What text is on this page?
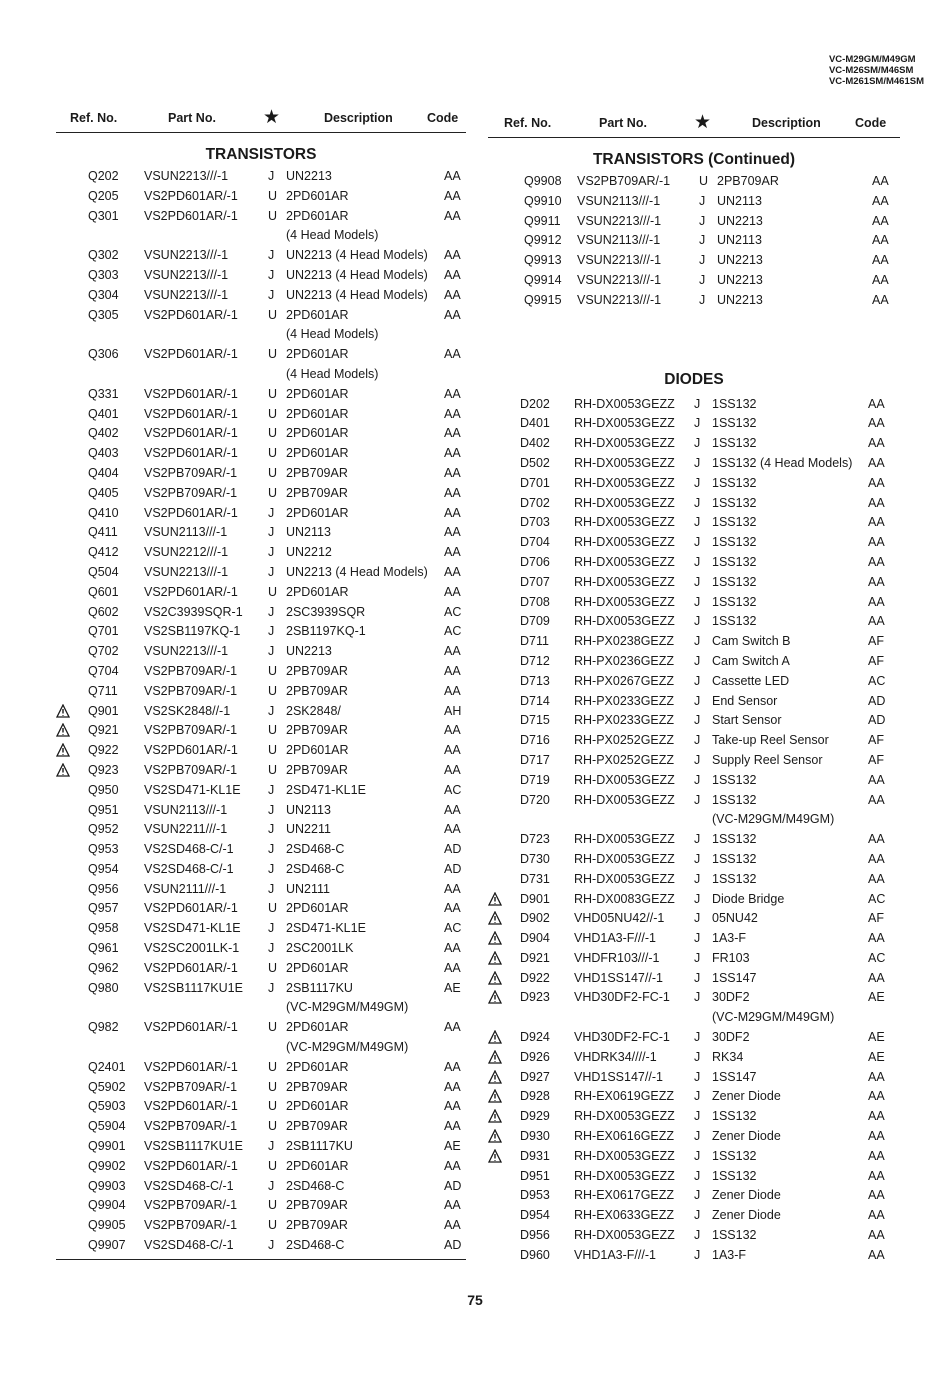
VC-M29GM/M49GM
VC-M26SM/M46SM
VC-M261SM/M461SM
Ref. No.	Part No. ★	Description	Code
TRANSISTORS
Q202 VSUN2213///-1	J UN2213	AA
Q205 VS2PD601AR/-1 U 2PD601AR	AA
Q301 VS2PD601AR/-1 U 2PD601AR	AA
(4 Head Models)
Q302 VSUN2213///-1	J UN2213 (4 Head Models) AA
Q303 VSUN2213///-1	J UN2213 (4 Head Models) AA
Q304 VSUN2213///-1	J UN2213 (4 Head Models) AA
Q305 VS2PD601AR/-1 U 2PD601AR	AA
(4 Head Models)
Q306 VS2PD601AR/-1 U 2PD601AR	AA
(4 Head Models)
Q331 VS2PD601AR/-1 U 2PD601AR	AA
Q401 VS2PD601AR/-1 U 2PD601AR	AA
Q402 VS2PD601AR/-1 U 2PD601AR	AA
Q403 VS2PD601AR/-1 U 2PD601AR	AA
Q404 VS2PB709AR/-1 U 2PB709AR	AA
Q405 VS2PB709AR/-1 U 2PB709AR	AA
Q410 VS2PD601AR/-1 J 2PD601AR	AA
Q411 VSUN2113///-1	J UN2113	AA
Q412 VSUN2212///-1	J UN2212	AA
Q504 VSUN2213///-1	J UN2213 (4 Head Models) AA
Q601 VS2PD601AR/-1 U 2PD601AR	AA
Q602 VS2C3939SQR-1 J 2SC3939SQR	AC
Q701 VS2SB1197KQ-1 J 2SB1197KQ-1	AC
Q702 VSUN2213///-1	J UN2213	AA
Q704 VS2PB709AR/-1 U 2PB709AR	AA
Q711 VS2PB709AR/-1 U 2PB709AR	AA
Q901 VS2SK2848//-1	J 2SK2848/	AH
Q921 VS2PB709AR/-1 U 2PB709AR	AA
Q922 VS2PD601AR/-1 U 2PD601AR	AA
Q923 VS2PB709AR/-1 U 2PB709AR	AA
Q950 VS2SD471-KL1E J 2SD471-KL1E	AC
Q951 VSUN2113///-1	J UN2113	AA
Q952 VSUN2211///-1	J UN2211	AA
Q953 VS2SD468-C/-1	J 2SD468-C	AD
Q954 VS2SD468-C/-1	J 2SD468-C	AD
Q956 VSUN2111///-1	J UN2111	AA
Q957 VS2PD601AR/-1 U 2PD601AR	AA
Q958 VS2SD471-KL1E J 2SD471-KL1E	AC
Q961 VS2SC2001LK-1 J 2SC2001LK	AA
Q962 VS2PD601AR/-1 U 2PD601AR	AA
Q980 VS2SB1117KU1E J 2SB1117KU	AE
(VC-M29GM/M49GM)
Q982 VS2PD601AR/-1 U 2PD601AR	AA
(VC-M29GM/M49GM)
Q2401 VS2PD601AR/-1 U 2PD601AR	AA
Q5902 VS2PB709AR/-1 U 2PB709AR	AA
Q5903 VS2PD601AR/-1 U 2PD601AR	AA
Q5904 VS2PB709AR/-1 U 2PB709AR	AA
Q9901 VS2SB1117KU1E J 2SB1117KU	AE
Q9902 VS2PD601AR/-1 U 2PD601AR	AA
Q9903 VS2SD468-C/-1	J 2SD468-C	AD
Q9904 VS2PB709AR/-1 U 2PB709AR	AA
Q9905 VS2PB709AR/-1 U 2PB709AR	AA
Q9907 VS2SD468-C/-1	J 2SD468-C	AD
Ref. No.	Part No. ★	Description	Code
TRANSISTORS (Continued)
Q9908 VS2PB709AR/-1 U 2PB709AR	AA
Q9910 VSUN2113///-1	J UN2113	AA
Q9911 VSUN2213///-1	J UN2213	AA
Q9912 VSUN2113///-1	J UN2113	AA
Q9913 VSUN2213///-1	J UN2213	AA
Q9914 VSUN2213///-1	J UN2213	AA
Q9915 VSUN2213///-1	J UN2213	AA
DIODES
D202 RH-DX0053GEZZ J 1SS132	AA
D401 RH-DX0053GEZZ J 1SS132	AA
D402 RH-DX0053GEZZ J 1SS132	AA
D502 RH-DX0053GEZZ J 1SS132 (4 Head Models) AA
D701 RH-DX0053GEZZ J 1SS132	AA
D702 RH-DX0053GEZZ J 1SS132	AA
D703 RH-DX0053GEZZ J 1SS132	AA
D704 RH-DX0053GEZZ J 1SS132	AA
D706 RH-DX0053GEZZ J 1SS132	AA
D707 RH-DX0053GEZZ J 1SS132	AA
D708 RH-DX0053GEZZ J 1SS132	AA
D709 RH-DX0053GEZZ J 1SS132	AA
D711 RH-PX0238GEZZ J Cam Switch B	AF
D712 RH-PX0236GEZZ J Cam Switch A	AF
D713 RH-PX0267GEZZ J Cassette LED	AC
D714 RH-PX0233GEZZ J End Sensor	AD
D715 RH-PX0233GEZZ J Start Sensor	AD
D716 RH-PX0252GEZZ J Take-up Reel Sensor	AF
D717 RH-PX0252GEZZ J Supply Reel Sensor	AF
D719 RH-DX0053GEZZ J 1SS132	AA
D720 RH-DX0053GEZZ J 1SS132	AA
(VC-M29GM/M49GM)
D723 RH-DX0053GEZZ J 1SS132	AA
D730 RH-DX0053GEZZ J 1SS132	AA
D731 RH-DX0053GEZZ J 1SS132	AA
D901 RH-DX0083GEZZ J Diode Bridge	AC
D902 VHD05NU42//-1 J 05NU42	AF
D904 VHD1A3-F///-1	J 1A3-F	AA
D921 VHDFR103///-1	J FR103	AC
D922 VHD1SS147//-1 J 1SS147	AA
D923 VHD30DF2-FC-1 J 30DF2	AE
(VC-M29GM/M49GM)
D924 VHD30DF2-FC-1 J 30DF2	AE
D926 VHDRK34////-1	J RK34	AE
D927 VHD1SS147//-1 J 1SS147	AA
D928 RH-EX0619GEZZ J Zener Diode	AA
D929 RH-DX0053GEZZ J 1SS132	AA
D930 RH-EX0616GEZZ J Zener Diode	AA
D931 RH-DX0053GEZZ J 1SS132	AA
D951 RH-DX0053GEZZ J 1SS132	AA
D953 RH-EX0617GEZZ J Zener Diode	AA
D954 RH-EX0633GEZZ J Zener Diode	AA
D956 RH-DX0053GEZZ J 1SS132	AA
D960 VHD1A3-F///-1	J 1A3-F	AA
75
